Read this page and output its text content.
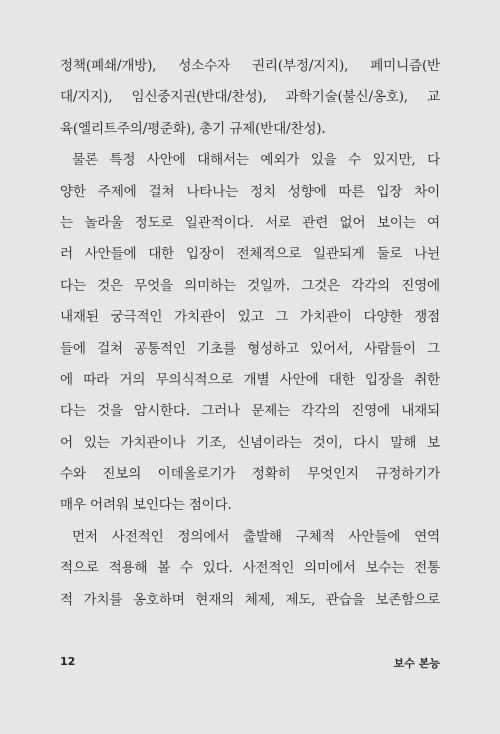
정책(폐쇄/개방), 성소수자 권리(부정/지지), 페미니즘(반
대/지지), 임신중지권(반대/찬성), 과학기술(불신/옹호), 교
육(엘리트주의/평준화), 총기 규제(반대/찬성).
물론 특정 사안에 대해서는 예외가 있을 수 있지만, 다
양한 주제에 걸쳐 나타나는 정치 성향에 따른 입장 차이
는 놀라울 정도로 일관적이다. 서로 관련 없어 보이는 여
러 사안들에 대한 입장이 전체적으로 일관되게 둘로 나뉜
다는 것은 무엇을 의미하는 것일까. 그것은 각각의 진영에
내재된 궁극적인 가치관이 있고 그 가치관이 다양한 쟁점
들에 걸쳐 공통적인 기초를 형성하고 있어서, 사람들이 그
에 따라 거의 무의식적으로 개별 사안에 대한 입장을 취한
다는 것을 암시한다. 그러나 문제는 각각의 진영에 내재되
어 있는 가치관이나 기조, 신념이라는 것이, 다시 말해 보
수와 진보의 이데올로기가 정확히 무엇인지 규정하기가
매우 어려워 보인다는 점이다.
먼저 사전적인 정의에서 출발해 구체적 사안들에 연역
적으로 적용해 볼 수 있다. 사전적인 의미에서 보수는 전통
적 가치를 옹호하며 현재의 체제, 제도, 관습을 보존함으로
12	보수 본능
